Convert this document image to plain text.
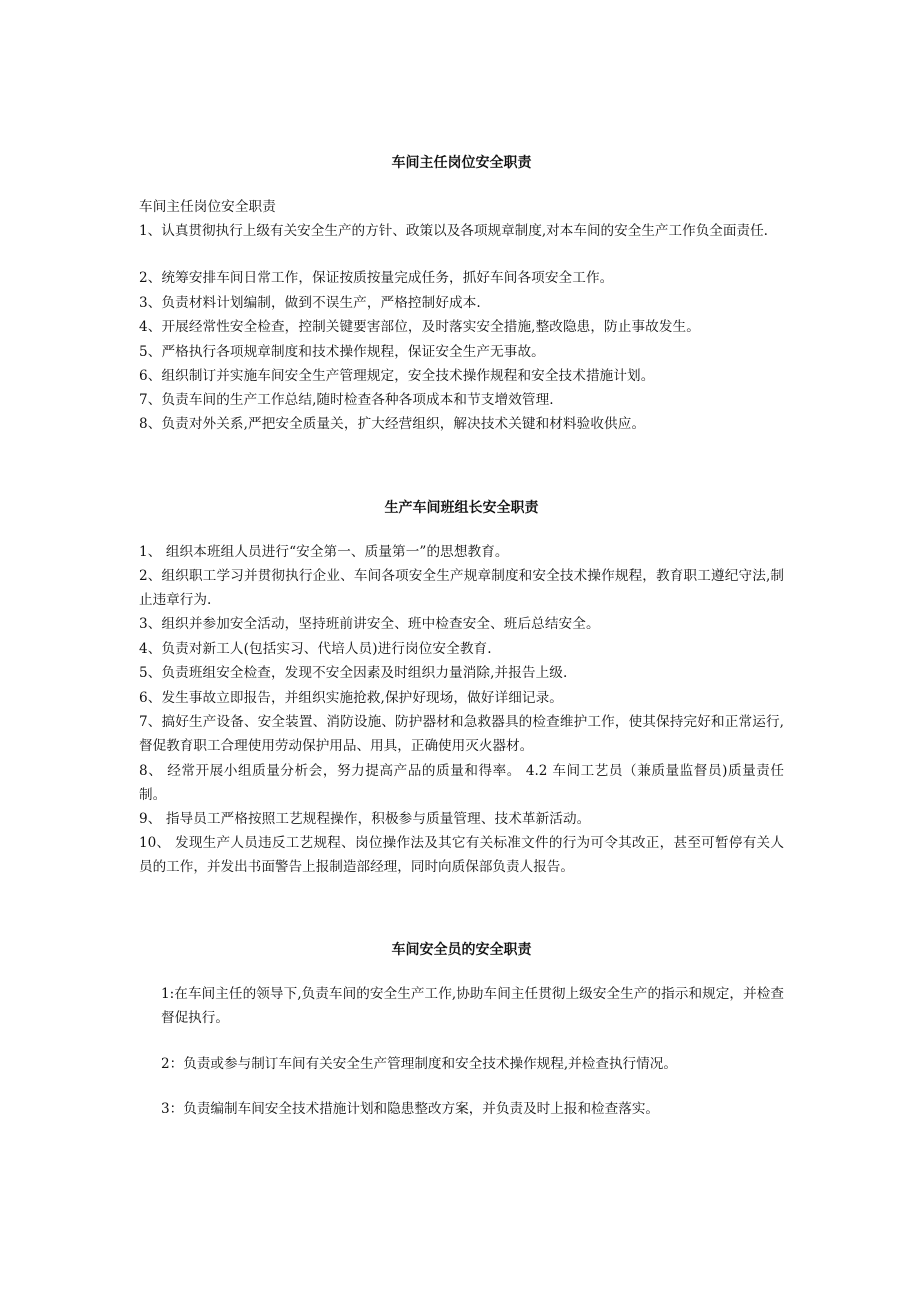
车间主任岗位安全职责
车间主任岗位安全职责
1、认真贯彻执行上级有关安全生产的方针、政策以及各项规章制度,对本车间的安全生产工作负全面责任.
2、统筹安排车间日常工作，保证按质按量完成任务，抓好车间各项安全工作。
3、负责材料计划编制，做到不误生产，严格控制好成本.
4、开展经常性安全检查，控制关键要害部位，及时落实安全措施,整改隐患，防止事故发生。
5、严格执行各项规章制度和技术操作规程，保证安全生产无事故。
6、组织制订并实施车间安全生产管理规定，安全技术操作规程和安全技术措施计划。
7、负责车间的生产工作总结,随时检查各种各项成本和节支增效管理.
8、负责对外关系,严把安全质量关，扩大经营组织，解决技术关键和材料验收供应。
生产车间班组长安全职责
1、 组织本班组人员进行“安全第一、质量第一”的思想教育。
2、组织职工学习并贯彻执行企业、车间各项安全生产规章制度和安全技术操作规程，教育职工遵纪守法,制止违章行为.
3、组织并参加安全活动，坚持班前讲安全、班中检查安全、班后总结安全。
4、负责对新工人(包括实习、代培人员)进行岗位安全教育.
5、负责班组安全检查，发现不安全因素及时组织力量消除,并报告上级.
6、发生事故立即报告，并组织实施抢救,保护好现场，做好详细记录。
7、搞好生产设备、安全装置、消防设施、防护器材和急救器具的检查维护工作，使其保持完好和正常运行,督促教育职工合理使用劳动保护用品、用具，正确使用灭火器材。
8、 经常开展小组质量分析会，努力提高产品的质量和得率。 4.2 车间工艺员（兼质量监督员)质量责任制。
9、 指导员工严格按照工艺规程操作，积极参与质量管理、技术革新活动。
10、 发现生产人员违反工艺规程、岗位操作法及其它有关标准文件的行为可令其改正，甚至可暂停有关人员的工作，并发出书面警告上报制造部经理，同时向质保部负责人报告。
车间安全员的安全职责
1:在车间主任的领导下,负责车间的安全生产工作,协助车间主任贯彻上级安全生产的指示和规定，并检查督促执行。
2：负责或参与制订车间有关安全生产管理制度和安全技术操作规程,并检查执行情况。
3：负责编制车间安全技术措施计划和隐患整改方案，并负责及时上报和检查落实。
